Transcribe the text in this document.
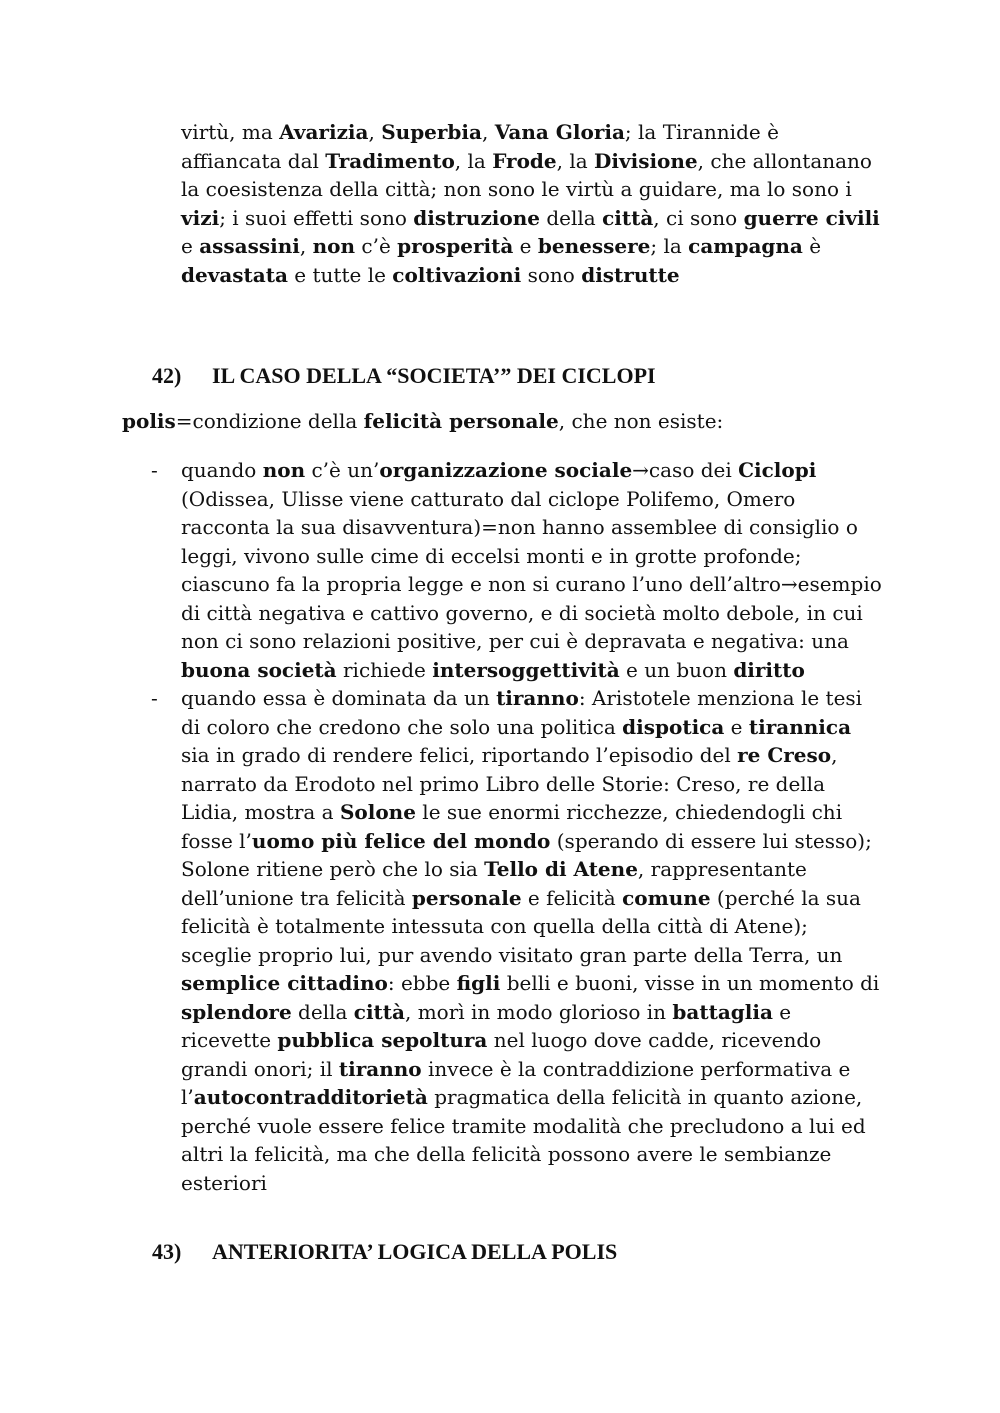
virtù, ma Avarizia, Superbia, Vana Gloria; la Tirannide è affiancata dal Tradimento, la Frode, la Divisione, che allontanano la coesistenza della città; non sono le virtù a guidare, ma lo sono i vizi; i suoi effetti sono distruzione della città, ci sono guerre civili e assassini, non c’è prosperità e benessere; la campagna è devastata e tutte le coltivazioni sono distrutte

42) IL CASO DELLA “SOCIETA’” DEI CICLOPI

polis=condizione della felicità personale, che non esiste:

- quando non c’è un’organizzazione sociale→caso dei Ciclopi (Odissea, Ulisse viene catturato dal ciclope Polifemo, Omero racconta la sua disavventura)=non hanno assemblee di consiglio o leggi, vivono sulle cime di eccelsi monti e in grotte profonde; ciascuno fa la propria legge e non si curano l’uno dell’altro→esempio di città negativa e cattivo governo, e di società molto debole, in cui non ci sono relazioni positive, per cui è depravata e negativa: una buona società richiede intersoggettività e un buon diritto
- quando essa è dominata da un tiranno: Aristotele menziona le tesi di coloro che credono che solo una politica dispotica e tirannica sia in grado di rendere felici, riportando l’episodio del re Creso, narrato da Erodoto nel primo Libro delle Storie: Creso, re della Lidia, mostra a Solone le sue enormi ricchezze, chiedendogli chi fosse l’uomo più felice del mondo (sperando di essere lui stesso); Solone ritiene però che lo sia Tello di Atene, rappresentante dell’unione tra felicità personale e felicità comune (perché la sua felicità è totalmente intessuta con quella della città di Atene); sceglie proprio lui, pur avendo visitato gran parte della Terra, un semplice cittadino: ebbe figli belli e buoni, visse in un momento di splendore della città, morì in modo glorioso in battaglia e ricevette pubblica sepoltura nel luogo dove cadde, ricevendo grandi onori; il tiranno invece è la contraddizione performativa e l’autocontradditorietà pragmatica della felicità in quanto azione, perché vuole essere felice tramite modalità che precludono a lui ed altri la felicità, ma che della felicità possono avere le sembianze esteriori
43) ANTERIORITA’ LOGICA DELLA POLIS
